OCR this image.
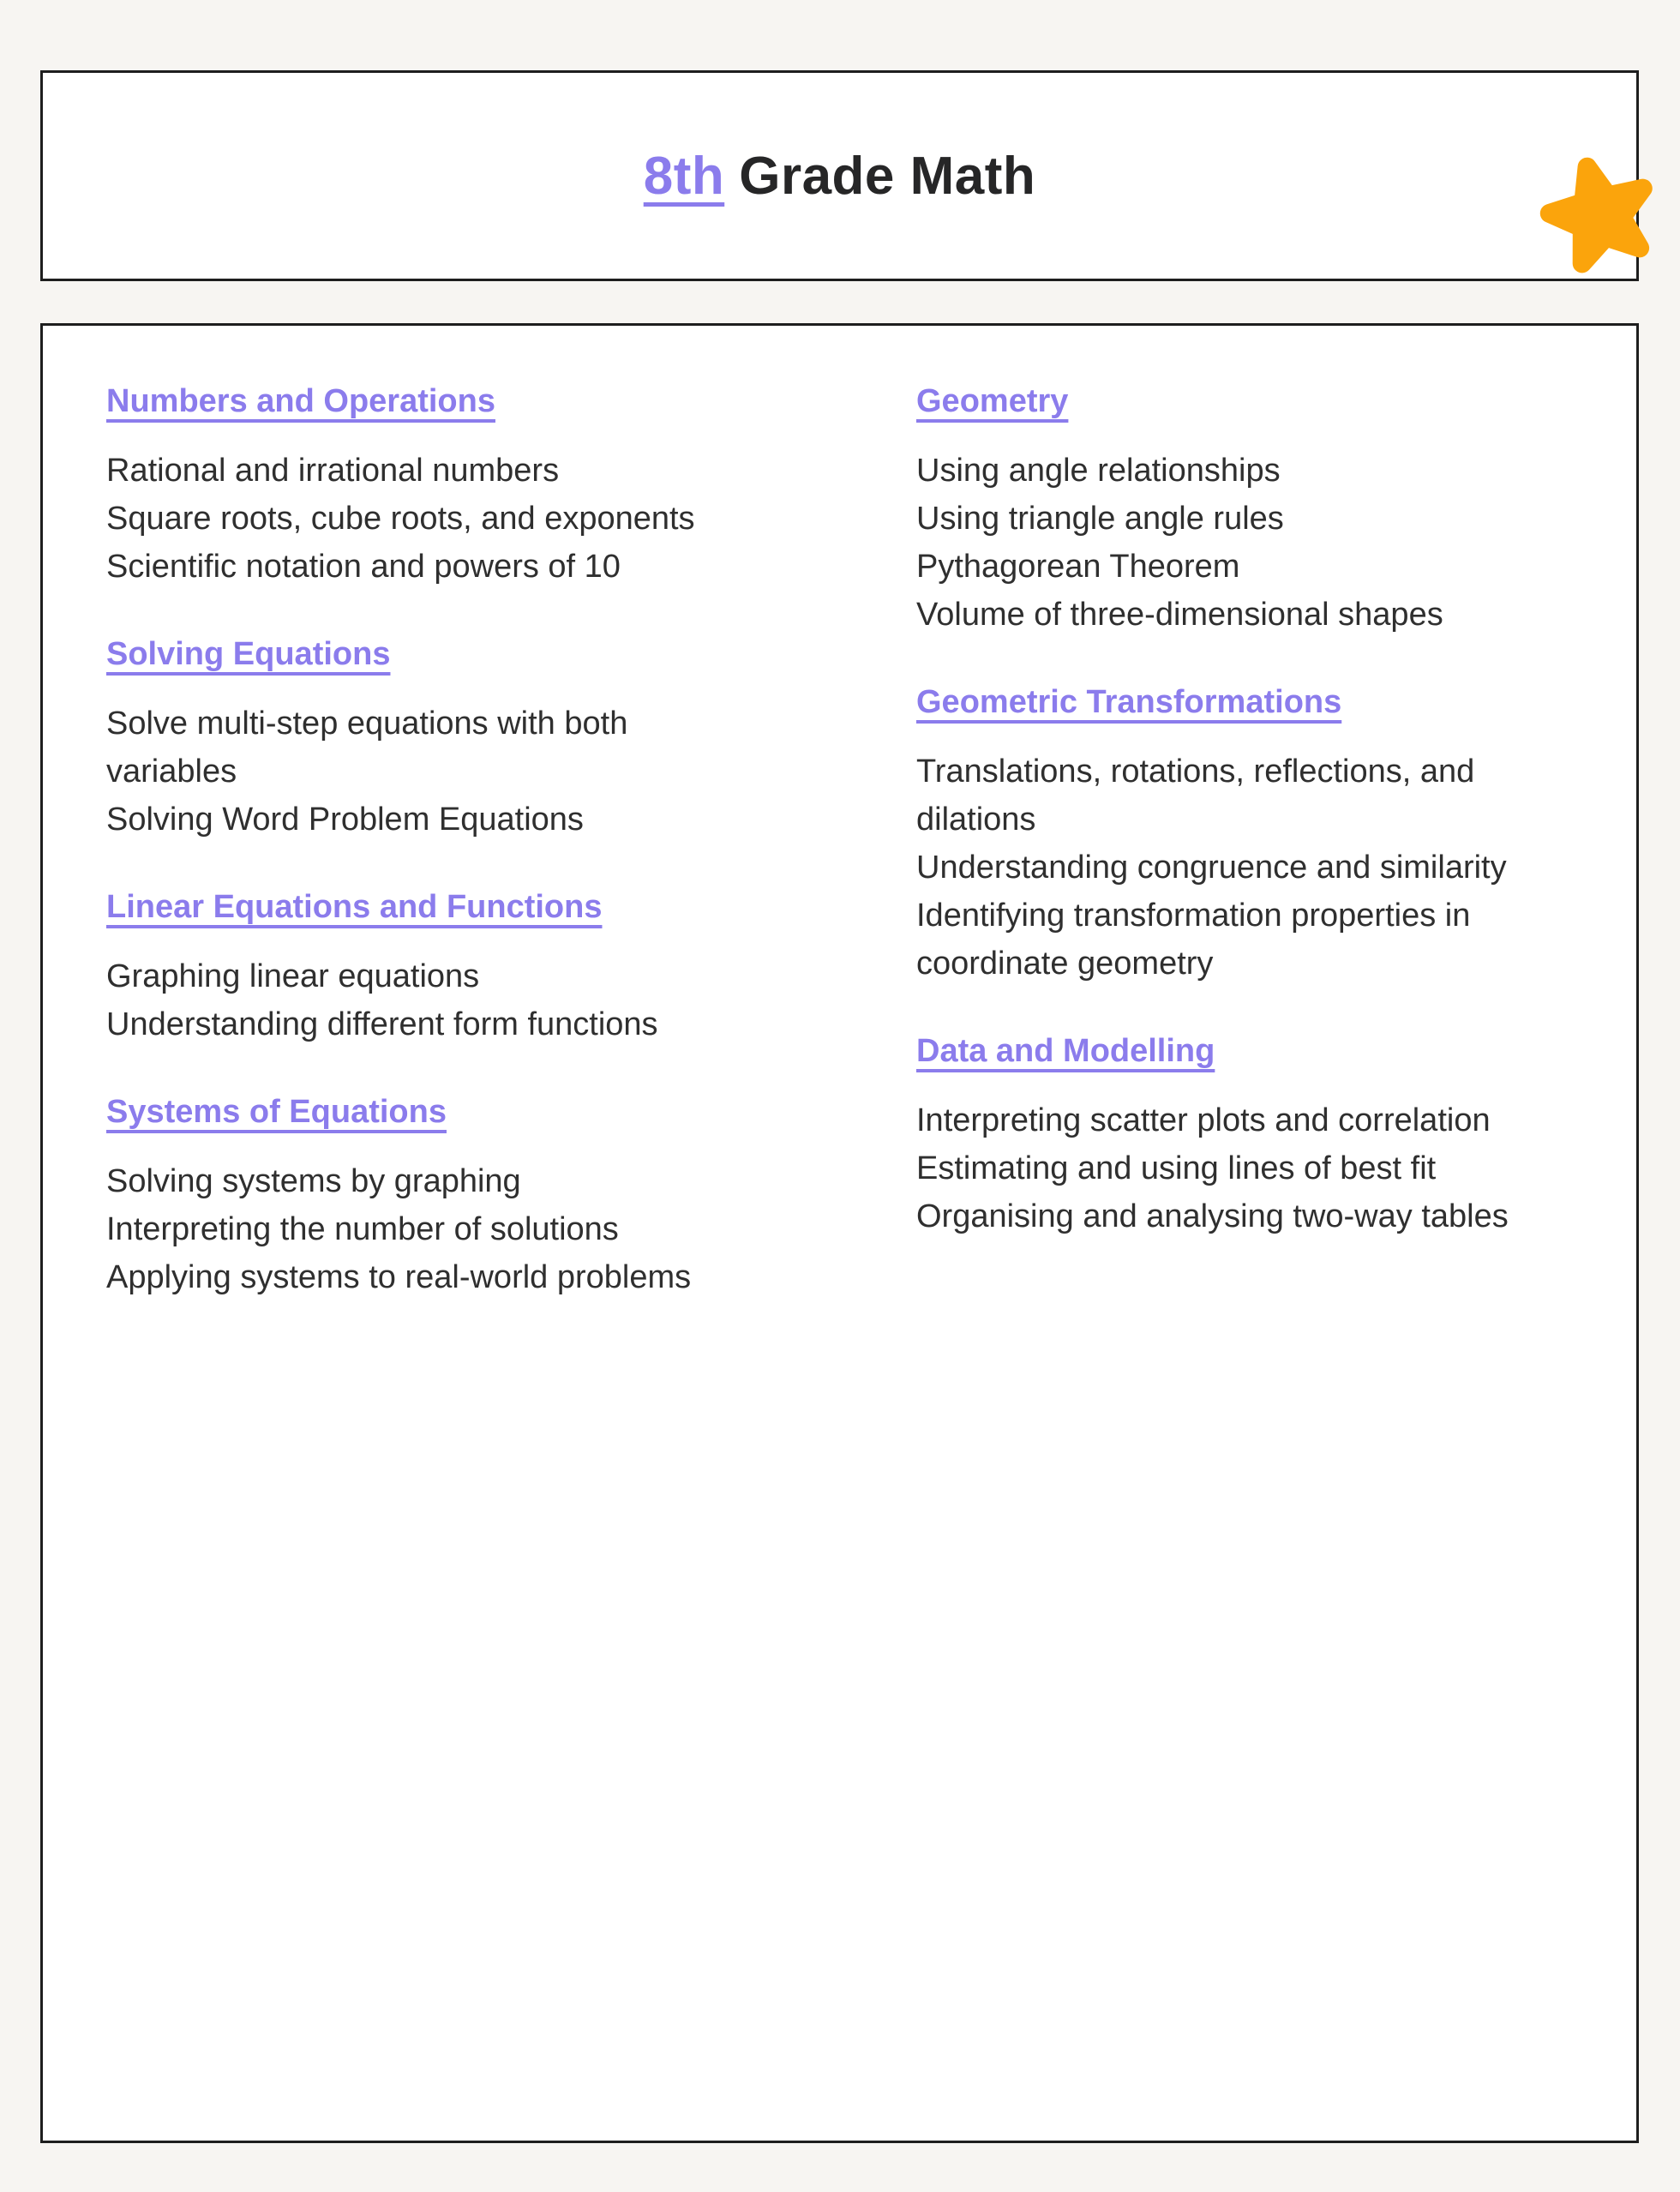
8th Grade Math
Numbers and Operations
Rational and irrational numbers
Square roots, cube roots, and exponents
Scientific notation and powers of 10
Solving Equations
Solve multi-step equations with both
variables
Solving Word Problem Equations
Linear Equations and Functions
Graphing linear equations
Understanding different form functions
Systems of Equations
Solving systems by graphing
Interpreting the number of solutions
Applying systems to real-world problems
Geometry
Using angle relationships
Using triangle angle rules
Pythagorean Theorem
Volume of three-dimensional shapes
Geometric Transformations
Translations, rotations, reflections, and
dilations
Understanding congruence and similarity
Identifying transformation properties in
coordinate geometry
Data and Modelling
Interpreting scatter plots and correlation
Estimating and using lines of best fit
Organising and analysing two-way tables
